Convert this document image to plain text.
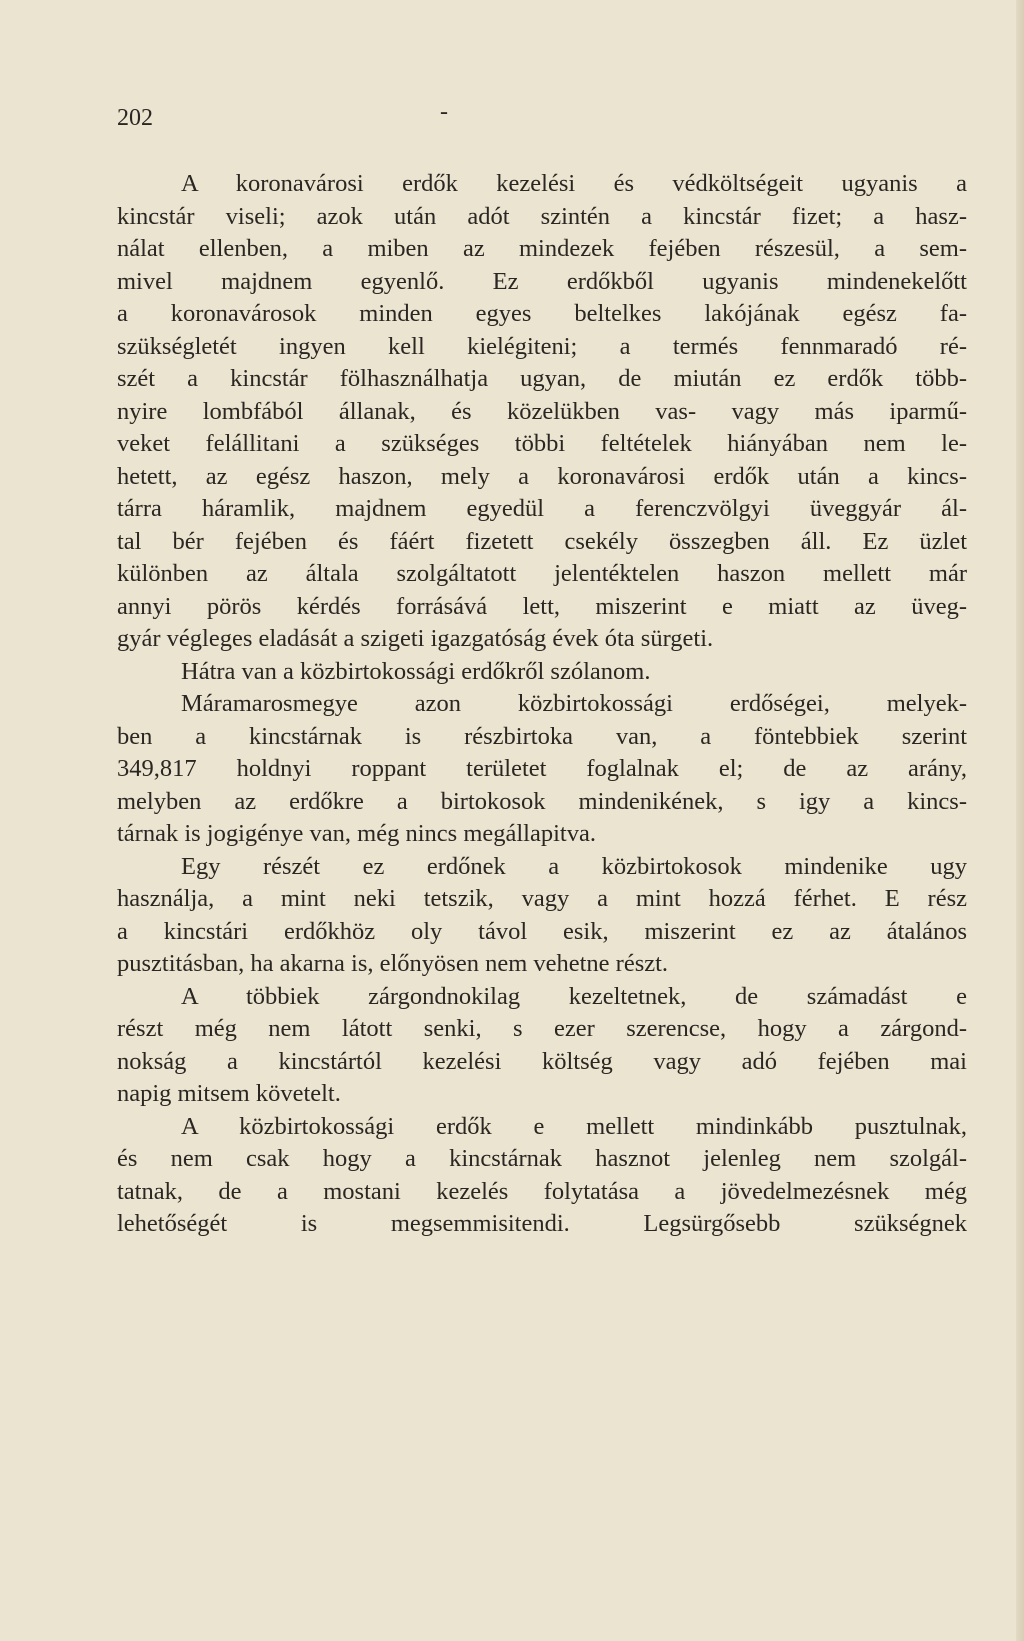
202	-
A koronavárosi erdők kezelési és védköltségeit ugyanis a
kincstár viseli; azok után adót szintén a kincstár fizet; a hasz-
nálat ellenben, a miben az mindezek fejében részesül, a sem-
mivel majdnem egyenlő. Ez erdőkből ugyanis mindenekelőtt
a koronavárosok minden egyes beltelkes lakójának egész fa-
szükségletét ingyen kell kielégiteni; a termés fennmaradó ré-
szét a kincstár fölhasználhatja ugyan, de miután ez erdők több-
nyire lombfából állanak, és közelükben vas- vagy más iparmű-
veket felállitani a szükséges többi feltételek hiányában nem le-
hetett, az egész haszon, mely a koronavárosi erdők után a kincs-
tárra háramlik, majdnem egyedül a ferenczvölgyi üveggyár ál-
tal bér fejében és fáért fizetett csekély összegben áll. Ez üzlet
különben az általa szolgáltatott jelentéktelen haszon mellett már
annyi pörös kérdés forrásává lett, miszerint e miatt az üveg-
gyár végleges eladását a szigeti igazgatóság évek óta sürgeti.
Hátra van a közbirtokossági erdőkről szólanom.
Máramarosmegye azon közbirtokossági erdőségei, melyek-
ben a kincstárnak is részbirtoka van, a föntebbiek szerint
349,817 holdnyi roppant területet foglalnak el; de az arány,
melyben az erdőkre a birtokosok mindenikének, s igy a kincs-
tárnak is jogigénye van, még nincs megállapitva.
Egy részét ez erdőnek a közbirtokosok mindenike ugy
használja, a mint neki tetszik, vagy a mint hozzá férhet. E rész
a kincstári erdőkhöz oly távol esik, miszerint ez az átalános
pusztitásban, ha akarna is, előnyösen nem vehetne részt.
A többiek zárgondnokilag kezeltetnek, de számadást e
részt még nem látott senki, s ezer szerencse, hogy a zárgond-
nokság a kincstártól kezelési költség vagy adó fejében mai
napig mitsem követelt.
A közbirtokossági erdők e mellett mindinkább pusztulnak,
és nem csak hogy a kincstárnak hasznot jelenleg nem szolgál-
tatnak, de a mostani kezelés folytatása a jövedelmezésnek még
lehetőségét is megsemmisitendi. Legsürgősebb szükségnek
